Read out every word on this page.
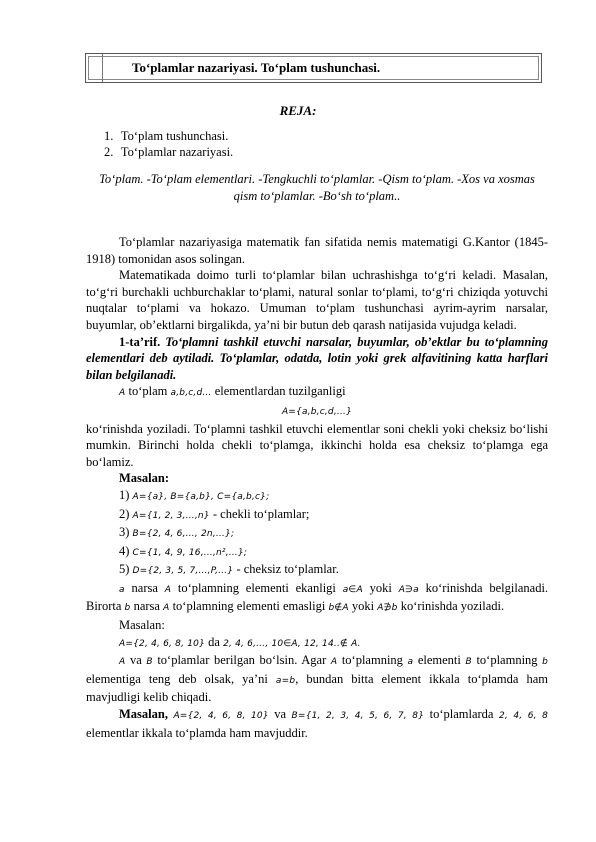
To‘plamlar nazariyasi. To‘plam tushunchasi.
REJA:
1. To‘plam tushunchasi.
2. To‘plamlar nazariyasi.
To‘plam. -To‘plam elementlari. -Tengkuchli to‘plamlar. -Qism to‘plam. -Xos va xosmas qism to‘plamlar. -Bo‘sh to‘plam..

To‘plamlar nazariyasiga matematik fan sifatida nemis matematigi G.Kantor (1845-1918) tomonidan asos solingan.

Matematikada doimo turli to‘plamlar bilan uchrashishga to‘g‘ri keladi. Masalan, to‘g‘ri burchakli uchburchaklar to‘plami, natural sonlar to‘plami, to‘g‘ri chiziqda yotuvchi nuqtalar to‘plami va hokazo. Umuman to‘plam tushunchasi ayrim-ayrim narsalar, buyumlar, ob’ektlarni birgalikda, ya’ni bir butun deb qarash natijasida vujudga keladi.

1-ta’rif. To‘plamni tashkil etuvchi narsalar, buyumlar, ob’ektlar bu to‘plamning elementlari deb aytiladi. To‘plamlar, odatda, lotin yoki grek alfavitining katta harflari bilan belgilanadi.

A to‘plam a,b,c,d… elementlardan tuzilganligi

A={a,b,c,d,…}

ko‘rinishda yoziladi. To‘plamni tashkil etuvchi elementlar soni chekli yoki cheksiz bo‘lishi mumkin. Birinchi holda chekli to‘plamga, ikkinchi holda esa cheksiz to‘plamga ega bo‘lamiz.

Masalan:

1) A={a}, B={a,b}, C={a,b,c};

2) A={1, 2, 3,…,n} - chekli to‘plamlar;

3) B={2, 4, 6,…, 2n,…};

4) C={1, 4, 9, 16,…,n²,…};

5) D={2, 3, 5, 7,…,P,…} - cheksiz to‘plamlar.

a narsa A to‘plamning elementi ekanligi a∈A yoki A∋a ko‘rinishda belgilanadi. Birorta b narsa A to‘plamning elementi emasligi b∉A yoki A∌b ko‘rinishda yoziladi.

Masalan:

A={2, 4, 6, 8, 10} da 2, 4, 6,…, 10∈A, 12, 14..∉ A.

A va B to‘plamlar berilgan bo‘lsin. Agar A to‘plamning a elementi B to‘plamning b elementiga teng deb olsak, ya’ni a=b, bundan bitta element ikkala to‘plamda ham mavjudligi kelib chiqadi.

Masalan, A={2, 4, 6, 8, 10} va B={1, 2, 3, 4, 5, 6, 7, 8} to‘plamlarda 2, 4, 6, 8 elementlar ikkala to‘plamda ham mavjuddir.
